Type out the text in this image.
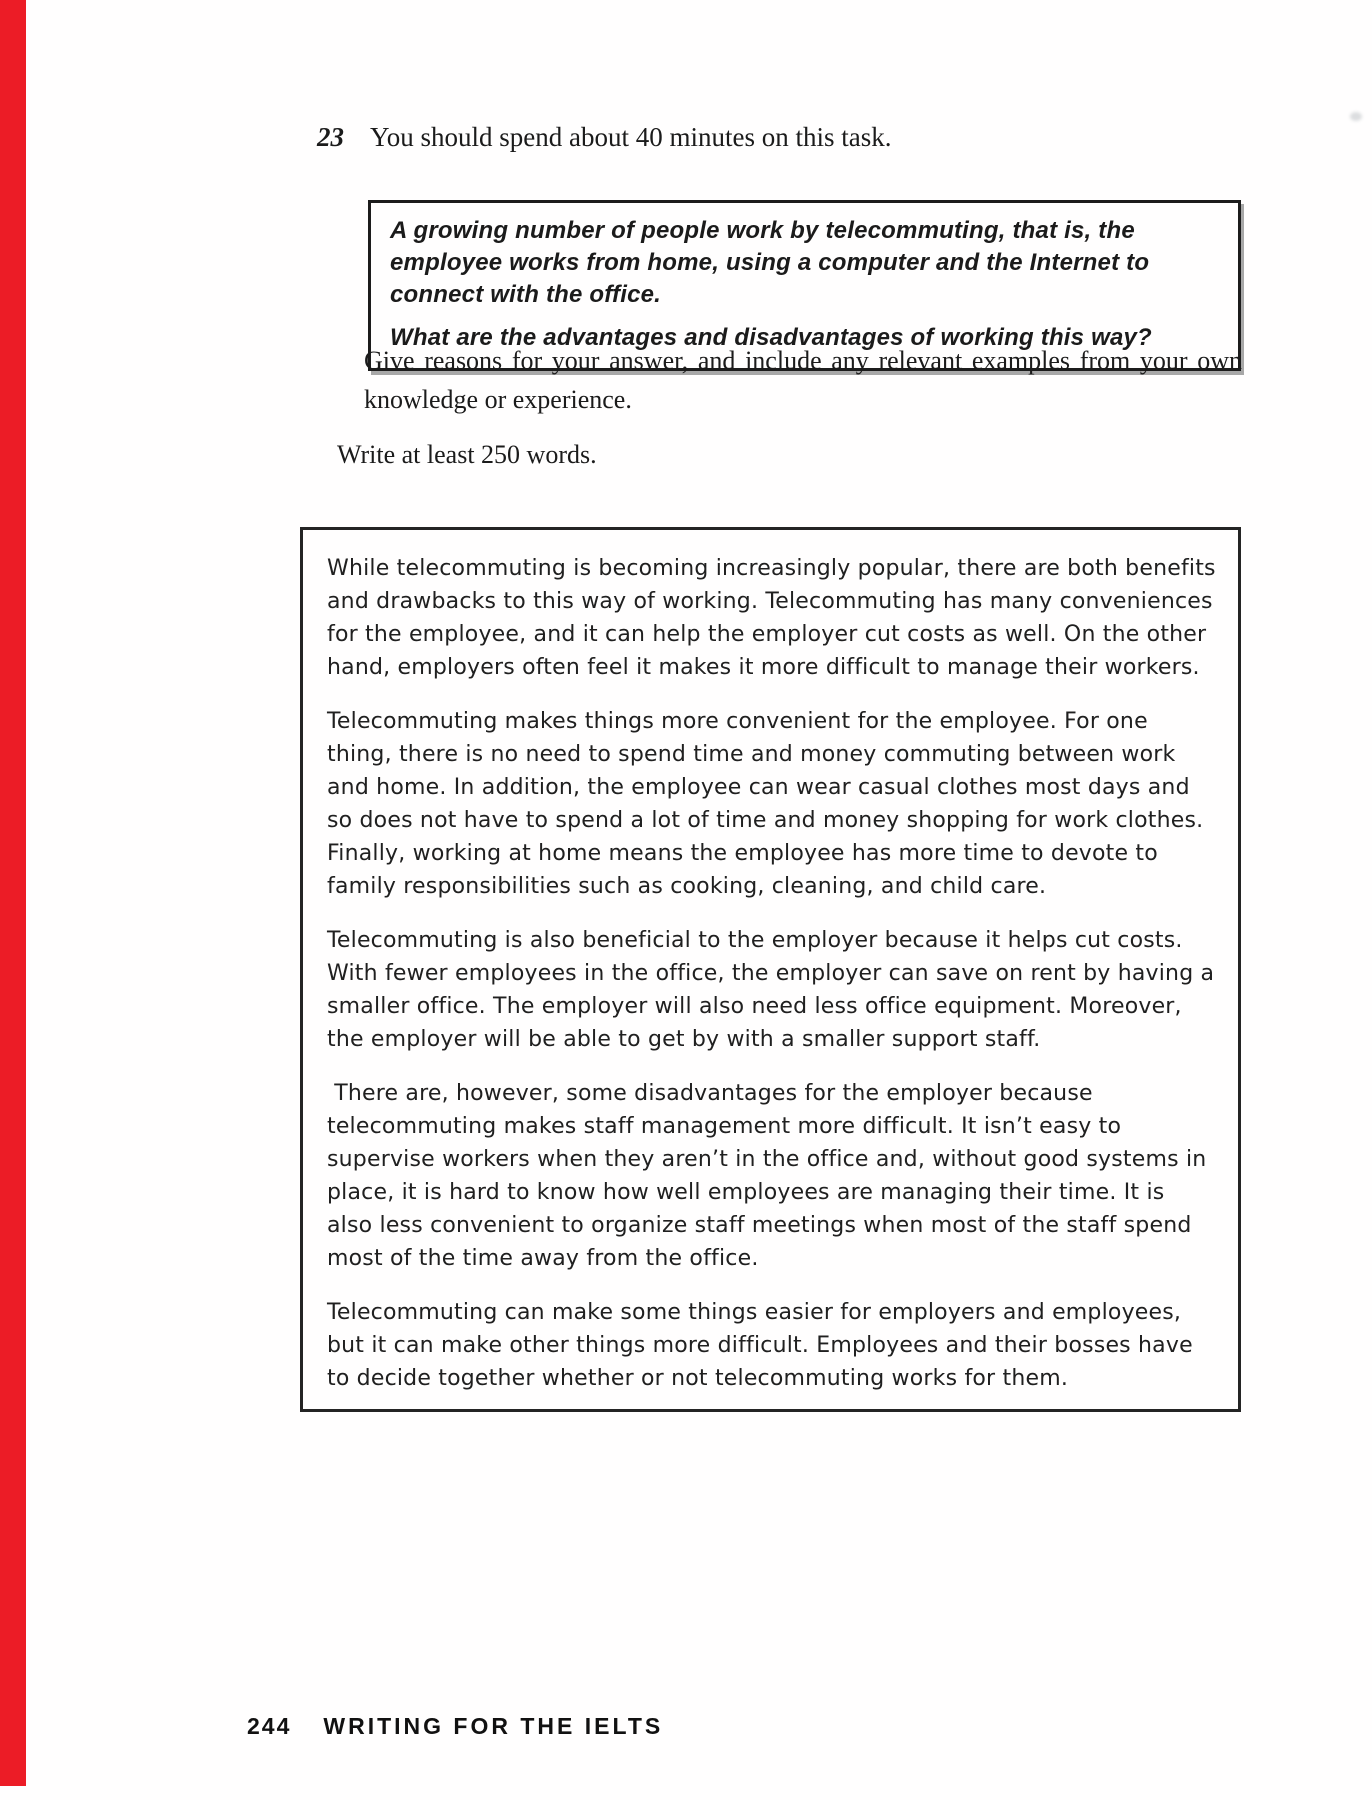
23 You should spend about 40 minutes on this task.

A growing number of people work by telecommuting, that is, the employee works from home, using a computer and the Internet to connect with the office.

What are the advantages and disadvantages of working this way?

Give reasons for your answer, and include any relevant examples from your own knowledge or experience.
Write at least 250 words.

While telecommuting is becoming increasingly popular, there are both benefits and drawbacks to this way of working. Telecommuting has many conveniences for the employee, and it can help the employer cut costs as well. On the other hand, employers often feel it makes it more difficult to manage their workers.

Telecommuting makes things more convenient for the employee. For one thing, there is no need to spend time and money commuting between work and home. In addition, the employee can wear casual clothes most days and so does not have to spend a lot of time and money shopping for work clothes. Finally, working at home means the employee has more time to devote to family responsibilities such as cooking, cleaning, and child care.

Telecommuting is also beneficial to the employer because it helps cut costs. With fewer employees in the office, the employer can save on rent by having a smaller office. The employer will also need less office equipment. Moreover, the employer will be able to get by with a smaller support staff.

There are, however, some disadvantages for the employer because telecommuting makes staff management more difficult. It isn’t easy to supervise workers when they aren’t in the office and, without good systems in place, it is hard to know how well employees are managing their time. It is also less convenient to organize staff meetings when most of the staff spend most of the time away from the office.

Telecommuting can make some things easier for employers and employees, but it can make other things more difficult. Employees and their bosses have to decide together whether or not telecommuting works for them.

244 WRITING FOR THE IELTS
